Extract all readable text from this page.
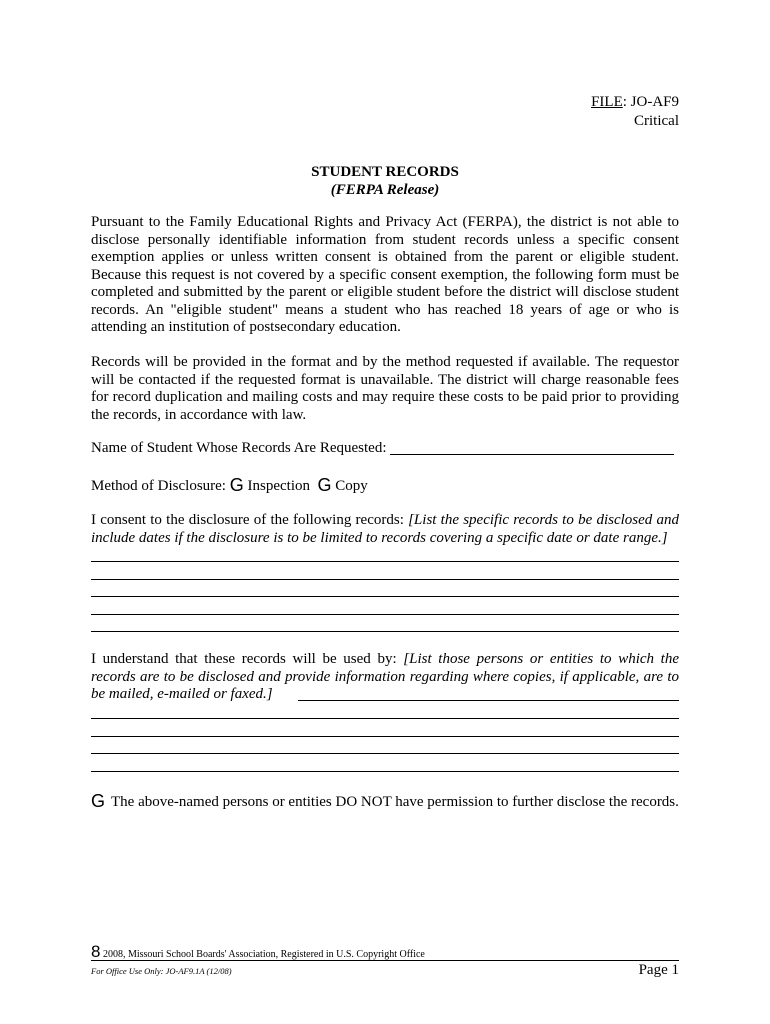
FILE: JO-AF9
Critical
STUDENT RECORDS
(FERPA Release)

Pursuant to the Family Educational Rights and Privacy Act (FERPA), the district is not able to disclose personally identifiable information from student records unless a specific consent exemption applies or unless written consent is obtained from the parent or eligible student. Because this request is not covered by a specific consent exemption, the following form must be completed and submitted by the parent or eligible student before the district will disclose student records. An "eligible student" means a student who has reached 18 years of age or who is attending an institution of postsecondary education.

Records will be provided in the format and by the method requested if available. The requestor will be contacted if the requested format is unavailable. The district will charge reasonable fees for record duplication and mailing costs and may require these costs to be paid prior to providing the records, in accordance with law.

Name of Student Whose Records Are Requested:
Method of Disclosure: G Inspection G Copy

I consent to the disclosure of the following records: [List the specific records to be disclosed and include dates if the disclosure is to be limited to records covering a specific date or date range.]

I understand that these records will be used by: [List those persons or entities to which the records are to be disclosed and provide information regarding where copies, if applicable, are to be mailed, e-mailed or faxed.]

G The above-named persons or entities DO NOT have permission to further disclose the records.

8 2008, Missouri School Boards' Association, Registered in U.S. Copyright Office
For Office Use Only: JO-AF9.1A (12/08)	Page 1
